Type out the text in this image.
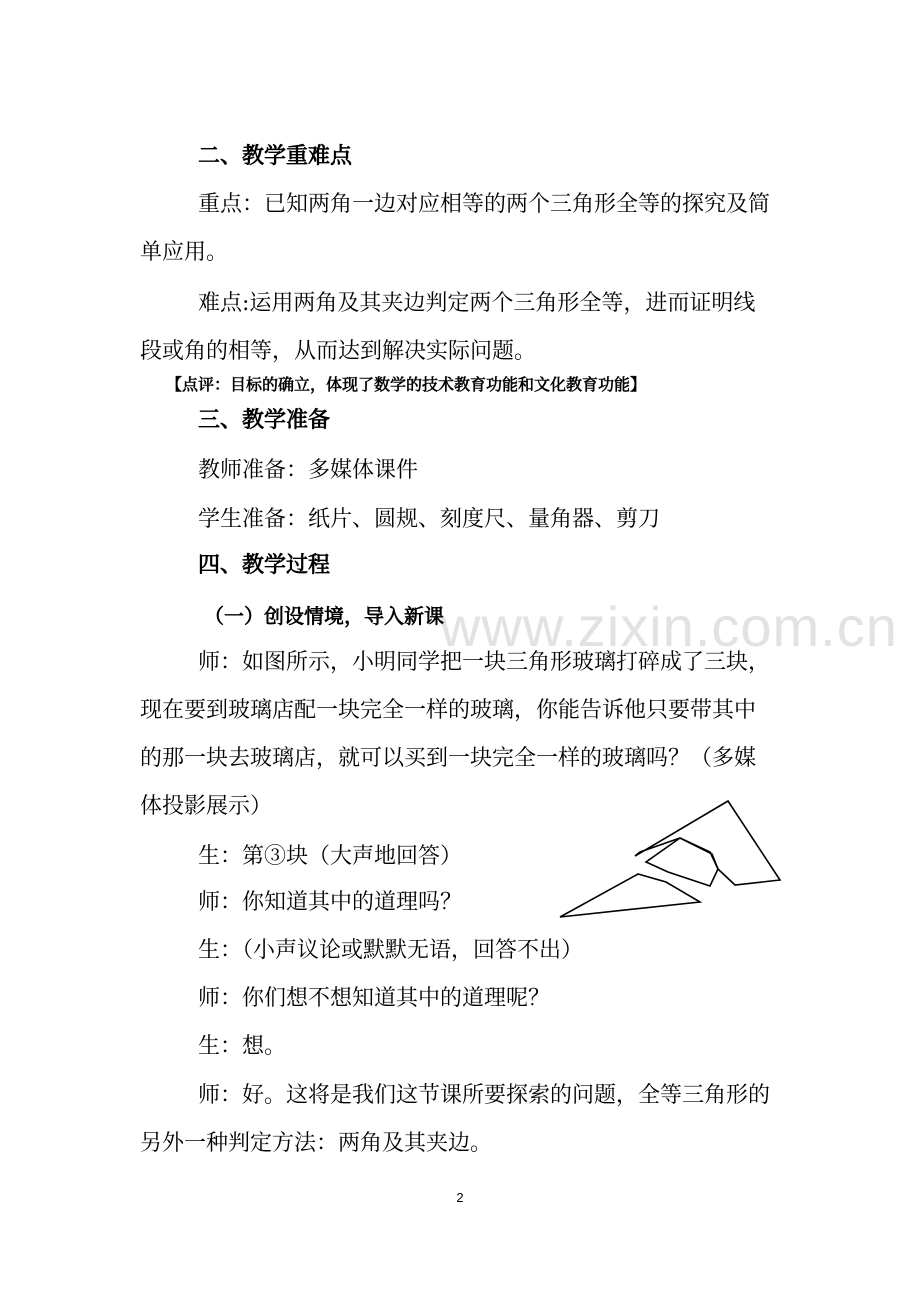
www.zixin.com.cn
二、教学重难点
重点：已知两角一边对应相等的两个三角形全等的探究及简
单应用。
难点:运用两角及其夹边判定两个三角形全等，进而证明线
段或角的相等，从而达到解决实际问题。
【点评：目标的确立，体现了数学的技术教育功能和文化教育功能】
三、教学准备
教师准备：多媒体课件
学生准备：纸片、圆规、刻度尺、量角器、剪刀
四、教学过程
（一）创设情境，导入新课
师：如图所示，小明同学把一块三角形玻璃打碎成了三块，
现在要到玻璃店配一块完全一样的玻璃，你能告诉他只要带其中
的那一块去玻璃店，就可以买到一块完全一样的玻璃吗？（多媒
体投影展示）
生：第③块（大声地回答）
师：你知道其中的道理吗？
生：（小声议论或默默无语，回答不出）
师：你们想不想知道其中的道理呢？
生：想。
师：好。这将是我们这节课所要探索的问题，全等三角形的
另外一种判定方法：两角及其夹边。
2
